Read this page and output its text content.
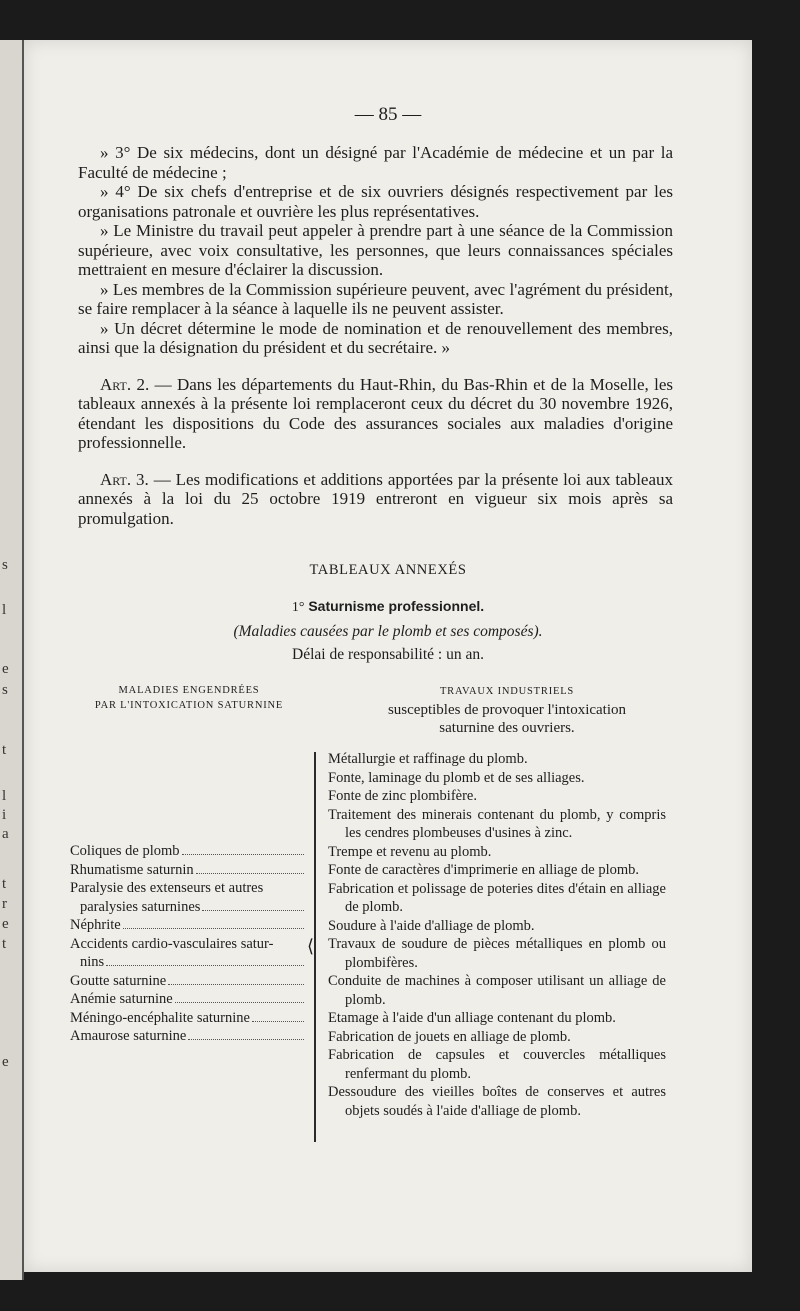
s
l
e
s
t
l
i
a
t
r
e
t
e
— 85 —

» 3° De six médecins, dont un désigné par l'Académie de médecine et un par la Faculté de médecine ;

» 4° De six chefs d'entreprise et de six ouvriers désignés respectivement par les organisations patronale et ouvrière les plus représentatives.

» Le Ministre du travail peut appeler à prendre part à une séance de la Commission supérieure, avec voix consultative, les personnes, que leurs connaissances spéciales mettraient en mesure d'éclairer la discussion.

» Les membres de la Commission supérieure peuvent, avec l'agrément du président, se faire remplacer à la séance à laquelle ils ne peuvent assister.

» Un décret détermine le mode de nomination et de renouvellement des membres, ainsi que la désignation du président et du secrétaire. »

Art. 2. — Dans les départements du Haut-Rhin, du Bas-Rhin et de la Moselle, les tableaux annexés à la présente loi remplaceront ceux du décret du 30 novembre 1926, étendant les dispositions du Code des assurances sociales aux maladies d'origine professionnelle.

Art. 3. — Les modifications et additions apportées par la présente loi aux tableaux annexés à la loi du 25 octobre 1919 entreront en vigueur six mois après sa promulgation.

TABLEAUX ANNEXÉS
1° Saturnisme professionnel.
(Maladies causées par le plomb et ses composés).
Délai de responsabilité : un an.
MALADIES ENGENDRÉES
PAR L'INTOXICATION SATURNINE
TRAVAUX INDUSTRIELS
susceptibles de provoquer l'intoxication
saturnine des ouvriers.
Coliques de plomb
Rhumatisme saturnin
Paralysie des extenseurs et autres
paralysies saturnines
Néphrite
Accidents cardio-vasculaires satur-
nins
Goutte saturnine
Anémie saturnine
Méningo-encéphalite saturnine
Amaurose saturnine
⟨
Métallurgie et raffinage du plomb.
Fonte, laminage du plomb et de ses alliages.
Fonte de zinc plombifère.
Traitement des minerais contenant du plomb, y compris les cendres plombeuses d'usines à zinc.
Trempe et revenu au plomb.
Fonte de caractères d'imprimerie en alliage de plomb.
Fabrication et polissage de poteries dites d'étain en alliage de plomb.
Soudure à l'aide d'alliage de plomb.
Travaux de soudure de pièces métalliques en plomb ou plombifères.
Conduite de machines à composer utilisant un alliage de plomb.
Etamage à l'aide d'un alliage contenant du plomb.
Fabrication de jouets en alliage de plomb.
Fabrication de capsules et couvercles métalliques renfermant du plomb.
Dessoudure des vieilles boîtes de conserves et autres objets soudés à l'aide d'alliage de plomb.
